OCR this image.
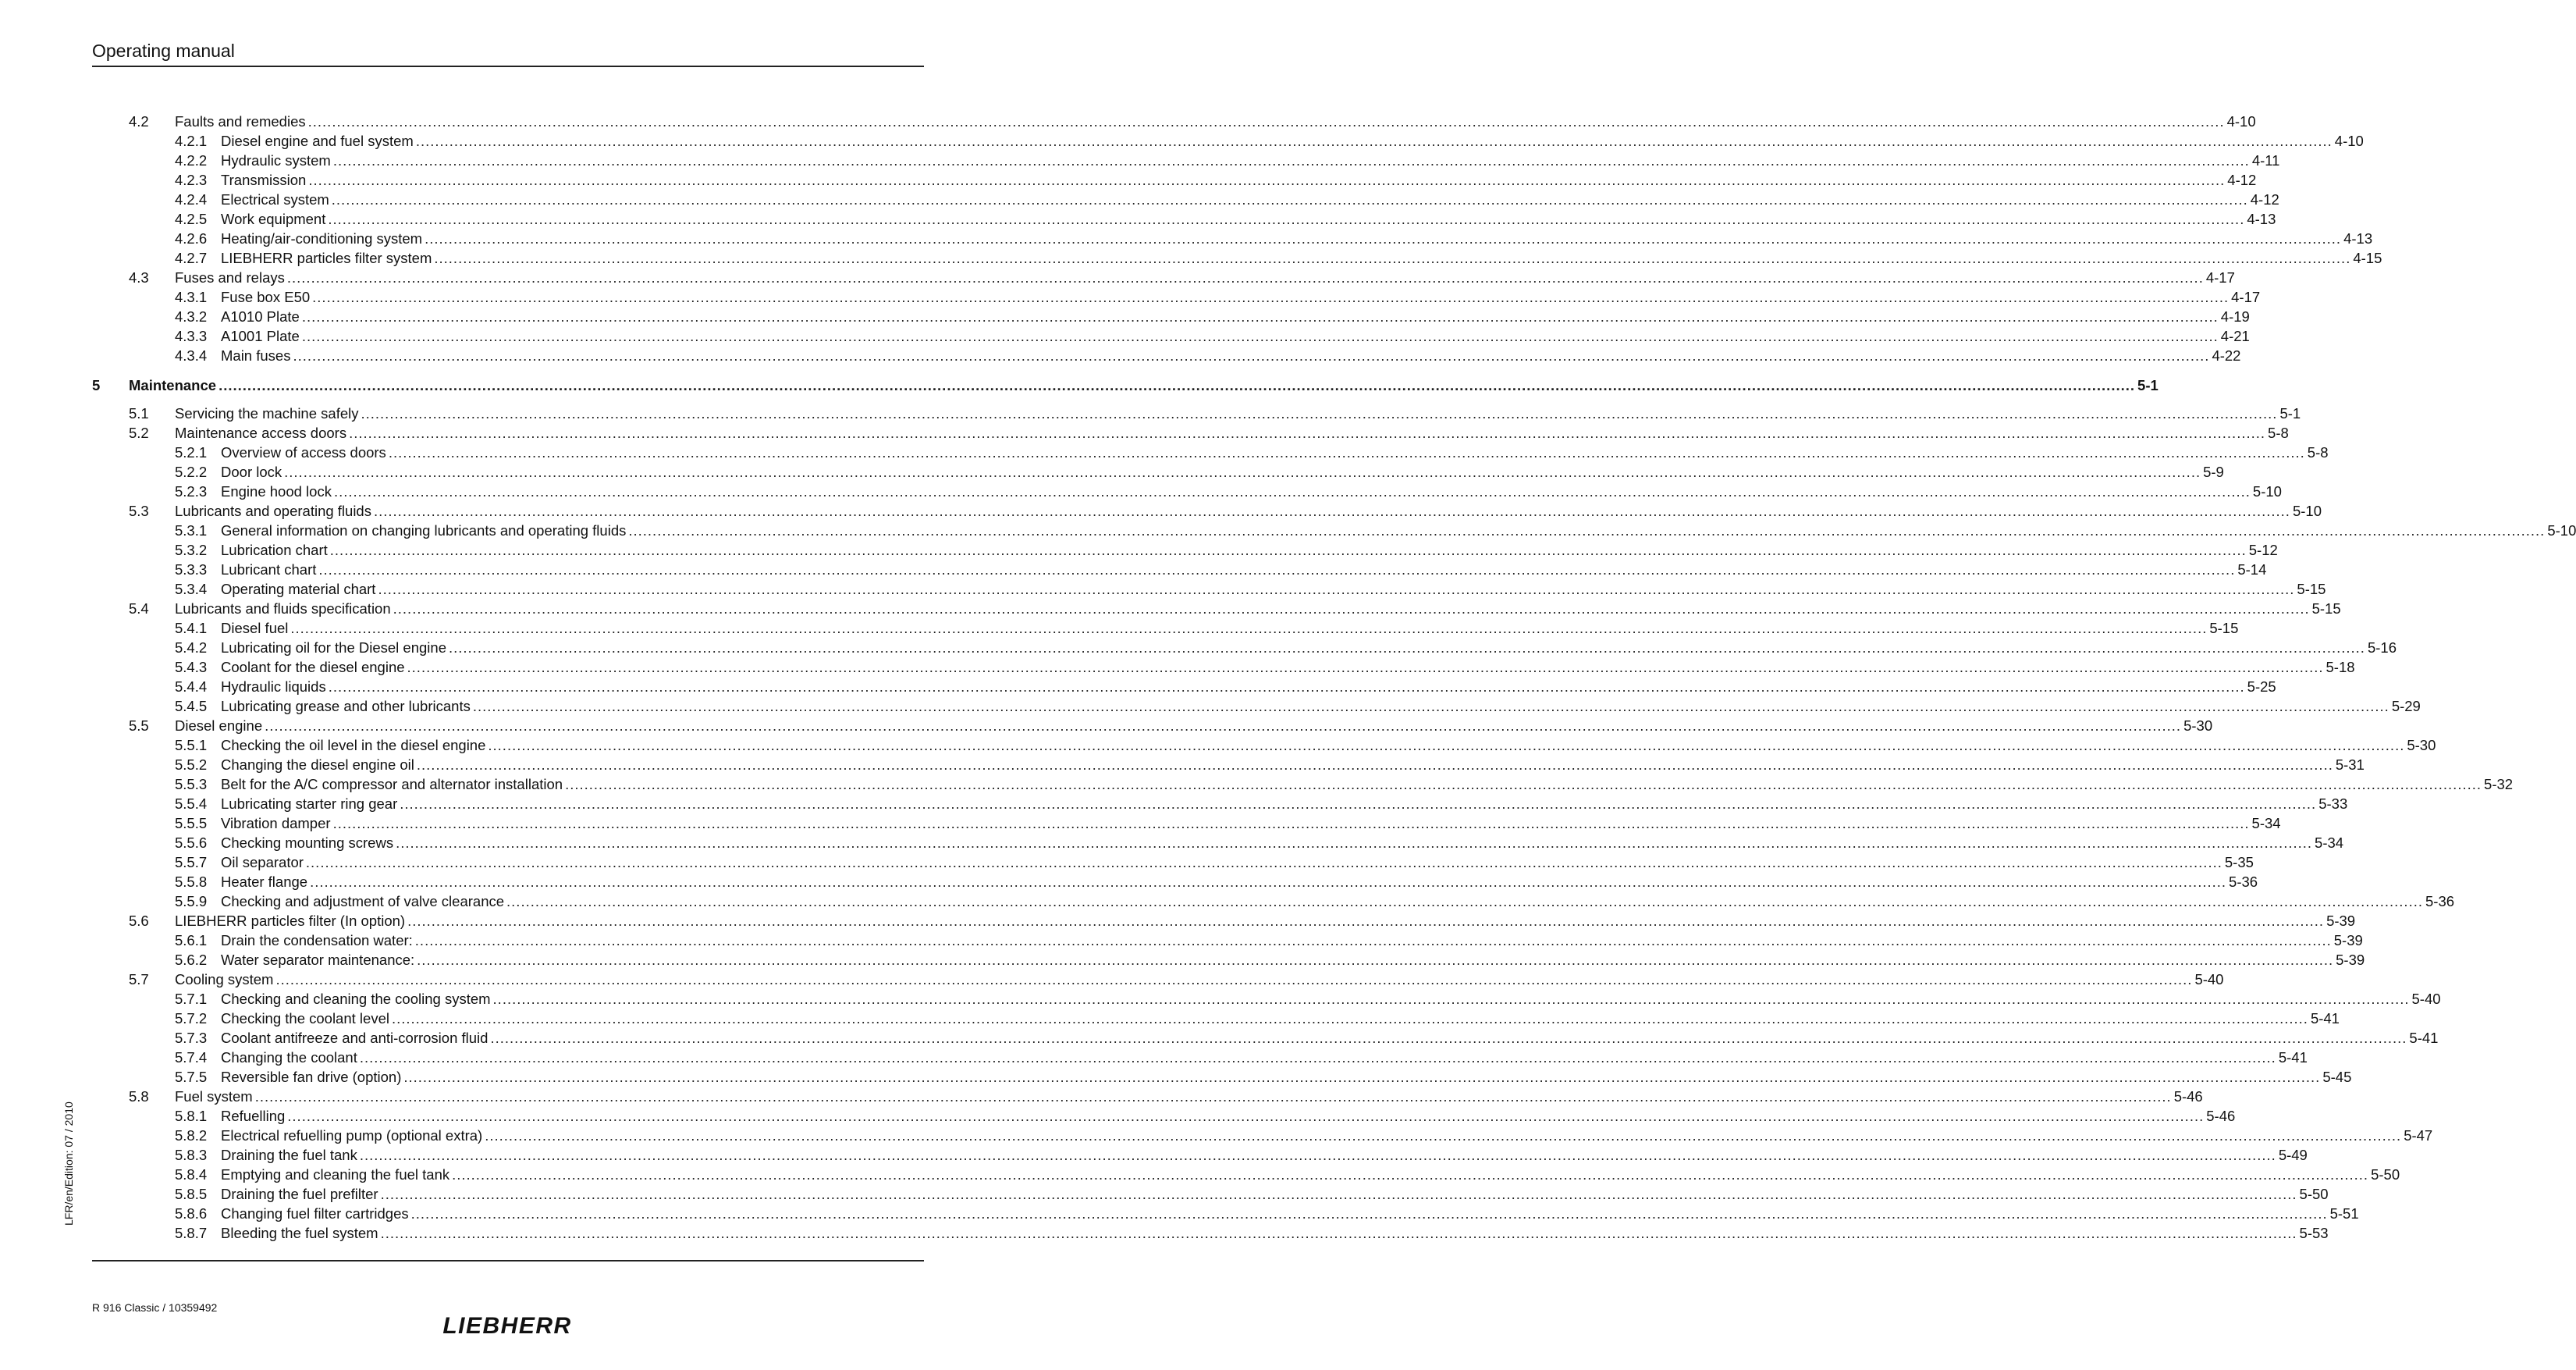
Operating manual
4.2 Faults and remedies ................................................................................................................................................................................................................................................................................................................................................................................................................ 4-10
4.2.1 Diesel engine and fuel system ................................................................................................................................................................................................................................................................................................................................................................................................................ 4-10
4.2.2 Hydraulic system ................................................................................................................................................................................................................................................................................................................................................................................................................ 4-11
4.2.3 Transmission ................................................................................................................................................................................................................................................................................................................................................................................................................ 4-12
4.2.4 Electrical system ................................................................................................................................................................................................................................................................................................................................................................................................................ 4-12
4.2.5 Work equipment ................................................................................................................................................................................................................................................................................................................................................................................................................ 4-13
4.2.6 Heating/air-conditioning system ................................................................................................................................................................................................................................................................................................................................................................................................................ 4-13
4.2.7 LIEBHERR particles filter system ................................................................................................................................................................................................................................................................................................................................................................................................................ 4-15
4.3 Fuses and relays ................................................................................................................................................................................................................................................................................................................................................................................................................ 4-17
4.3.1 Fuse box E50 ................................................................................................................................................................................................................................................................................................................................................................................................................ 4-17
4.3.2 A1010 Plate ................................................................................................................................................................................................................................................................................................................................................................................................................ 4-19
4.3.3 A1001 Plate ................................................................................................................................................................................................................................................................................................................................................................................................................ 4-21
4.3.4 Main fuses ................................................................................................................................................................................................................................................................................................................................................................................................................ 4-22
5 Maintenance ................................................................................................................................................................................................................................................................................................................................................................................................................ 5-1
5.1 Servicing the machine safely ................................................................................................................................................................................................................................................................................................................................................................................................................ 5-1
5.2 Maintenance access doors ................................................................................................................................................................................................................................................................................................................................................................................................................ 5-8
5.2.1 Overview of access doors ................................................................................................................................................................................................................................................................................................................................................................................................................ 5-8
5.2.2 Door lock ................................................................................................................................................................................................................................................................................................................................................................................................................ 5-9
5.2.3 Engine hood lock ................................................................................................................................................................................................................................................................................................................................................................................................................ 5-10
5.3 Lubricants and operating fluids ................................................................................................................................................................................................................................................................................................................................................................................................................ 5-10
5.3.1 General information on changing lubricants and operating fluids ................................................................................................................................................................................................................................................................................................................................................................................................................ 5-10
5.3.2 Lubrication chart ................................................................................................................................................................................................................................................................................................................................................................................................................ 5-12
5.3.3 Lubricant chart ................................................................................................................................................................................................................................................................................................................................................................................................................ 5-14
5.3.4 Operating material chart ................................................................................................................................................................................................................................................................................................................................................................................................................ 5-15
5.4 Lubricants and fluids specification ................................................................................................................................................................................................................................................................................................................................................................................................................ 5-15
5.4.1 Diesel fuel ................................................................................................................................................................................................................................................................................................................................................................................................................ 5-15
5.4.2 Lubricating oil for the Diesel engine ................................................................................................................................................................................................................................................................................................................................................................................................................ 5-16
5.4.3 Coolant for the diesel engine ................................................................................................................................................................................................................................................................................................................................................................................................................ 5-18
5.4.4 Hydraulic liquids ................................................................................................................................................................................................................................................................................................................................................................................................................ 5-25
5.4.5 Lubricating grease and other lubricants ................................................................................................................................................................................................................................................................................................................................................................................................................ 5-29
5.5 Diesel engine ................................................................................................................................................................................................................................................................................................................................................................................................................ 5-30
5.5.1 Checking the oil level in the diesel engine ................................................................................................................................................................................................................................................................................................................................................................................................................ 5-30
5.5.2 Changing the diesel engine oil ................................................................................................................................................................................................................................................................................................................................................................................................................ 5-31
5.5.3 Belt for the A/C compressor and alternator installation ................................................................................................................................................................................................................................................................................................................................................................................................................ 5-32
5.5.4 Lubricating starter ring gear ................................................................................................................................................................................................................................................................................................................................................................................................................ 5-33
5.5.5 Vibration damper ................................................................................................................................................................................................................................................................................................................................................................................................................ 5-34
5.5.6 Checking mounting screws ................................................................................................................................................................................................................................................................................................................................................................................................................ 5-34
5.5.7 Oil separator ................................................................................................................................................................................................................................................................................................................................................................................................................ 5-35
5.5.8 Heater flange ................................................................................................................................................................................................................................................................................................................................................................................................................ 5-36
5.5.9 Checking and adjustment of valve clearance ................................................................................................................................................................................................................................................................................................................................................................................................................ 5-36
5.6 LIEBHERR particles filter (In option) ................................................................................................................................................................................................................................................................................................................................................................................................................ 5-39
5.6.1 Drain the condensation water: ................................................................................................................................................................................................................................................................................................................................................................................................................ 5-39
5.6.2 Water separator maintenance: ................................................................................................................................................................................................................................................................................................................................................................................................................ 5-39
5.7 Cooling system ................................................................................................................................................................................................................................................................................................................................................................................................................ 5-40
5.7.1 Checking and cleaning the cooling system ................................................................................................................................................................................................................................................................................................................................................................................................................ 5-40
5.7.2 Checking the coolant level ................................................................................................................................................................................................................................................................................................................................................................................................................ 5-41
5.7.3 Coolant antifreeze and anti-corrosion fluid ................................................................................................................................................................................................................................................................................................................................................................................................................ 5-41
5.7.4 Changing the coolant ................................................................................................................................................................................................................................................................................................................................................................................................................ 5-41
5.7.5 Reversible fan drive (option) ................................................................................................................................................................................................................................................................................................................................................................................................................ 5-45
5.8 Fuel system ................................................................................................................................................................................................................................................................................................................................................................................................................ 5-46
5.8.1 Refuelling ................................................................................................................................................................................................................................................................................................................................................................................................................ 5-46
5.8.2 Electrical refuelling pump (optional extra) ................................................................................................................................................................................................................................................................................................................................................................................................................ 5-47
5.8.3 Draining the fuel tank ................................................................................................................................................................................................................................................................................................................................................................................................................ 5-49
5.8.4 Emptying and cleaning the fuel tank ................................................................................................................................................................................................................................................................................................................................................................................................................ 5-50
5.8.5 Draining the fuel prefilter ................................................................................................................................................................................................................................................................................................................................................................................................................ 5-50
5.8.6 Changing fuel filter cartridges ................................................................................................................................................................................................................................................................................................................................................................................................................ 5-51
5.8.7 Bleeding the fuel system ................................................................................................................................................................................................................................................................................................................................................................................................................ 5-53
R 916 Classic / 10359492
LFR/en/Edition: 07 / 2010
LIEBHERR
